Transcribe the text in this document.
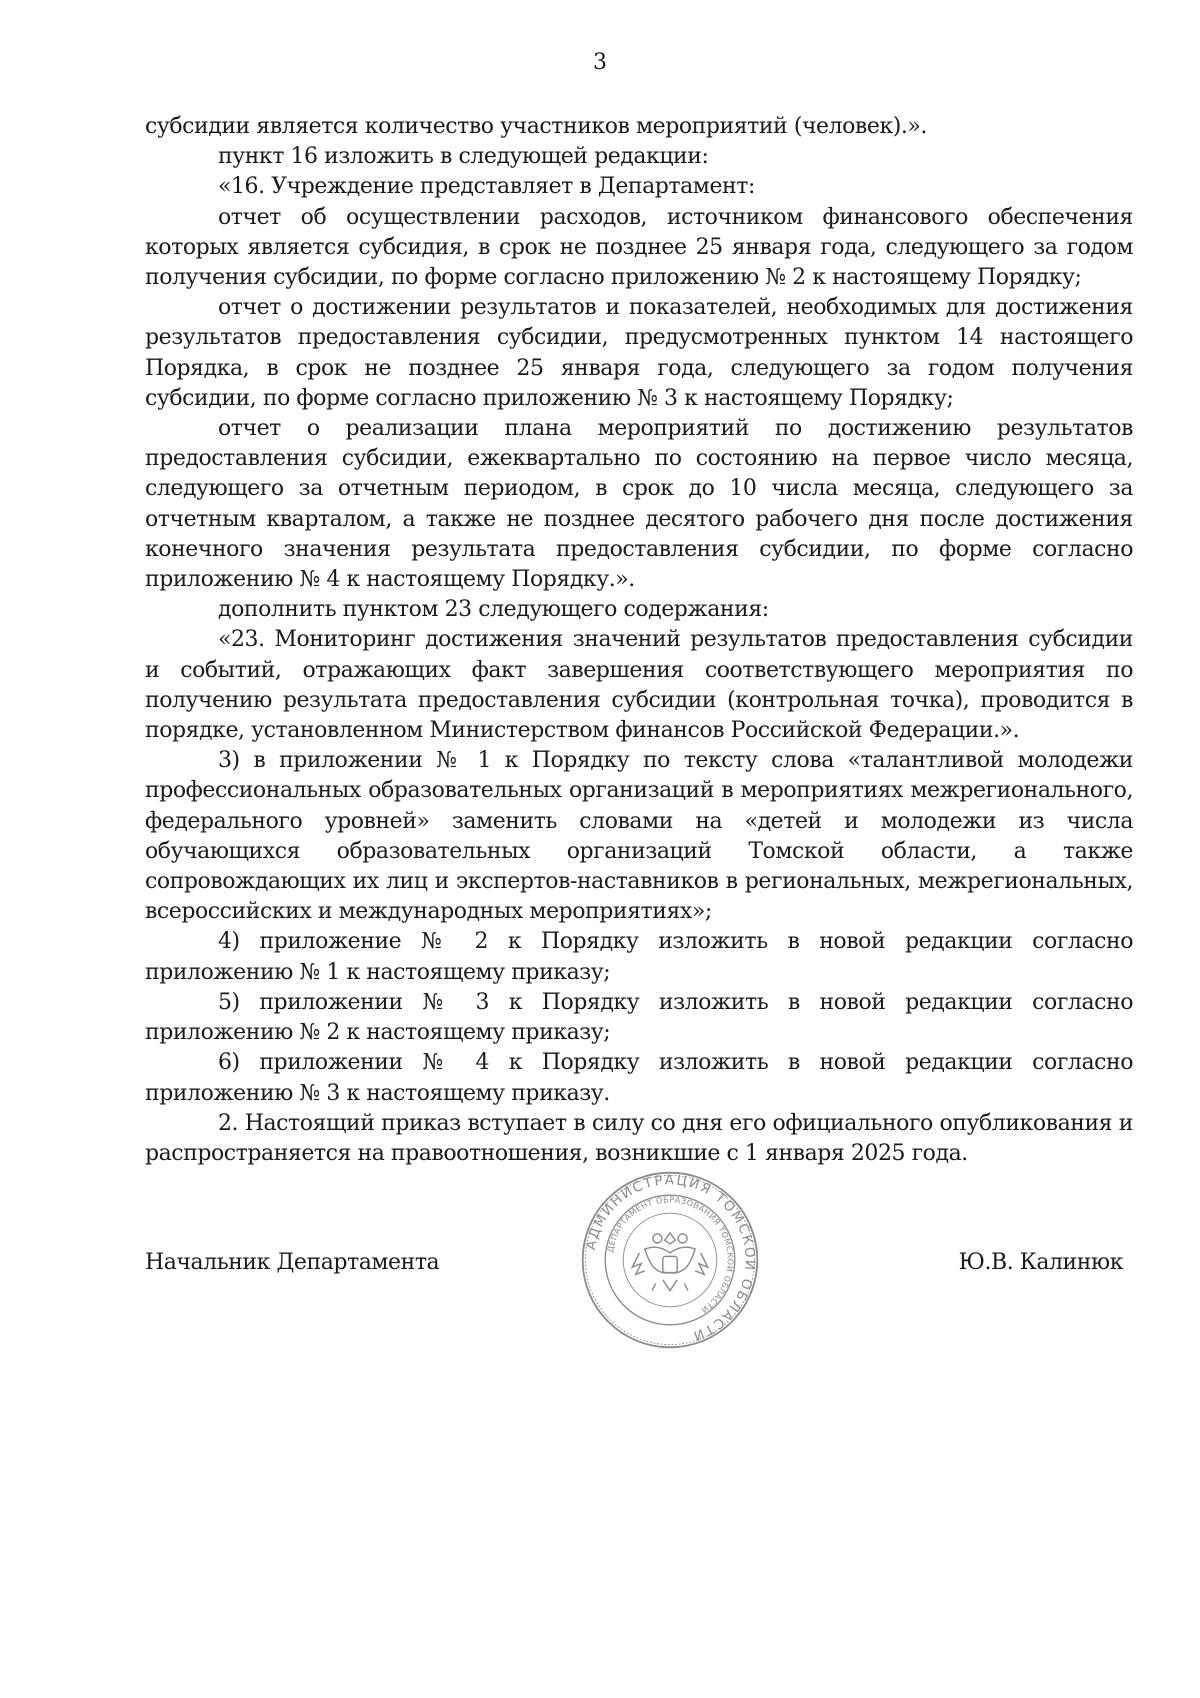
3

субсидии является количество участников мероприятий (человек).».

пункт 16 изложить в следующей редакции:

«16. Учреждение представляет в Департамент:

отчет об осуществлении расходов, источником финансового обеспечения которых является субсидия, в срок не позднее 25 января года, следующего за годом получения субсидии, по форме согласно приложению № 2 к настоящему Порядку;

отчет о достижении результатов и показателей, необходимых для достижения результатов предоставления субсидии, предусмотренных пунктом 14 настоящего Порядка, в срок не позднее 25 января года, следующего за годом получения субсидии, по форме согласно приложению № 3 к настоящему Порядку;

отчет о реализации плана мероприятий по достижению результатов предоставления субсидии, ежеквартально по состоянию на первое число месяца, следующего за отчетным периодом, в срок до 10 числа месяца, следующего за отчетным кварталом, а также не позднее десятого рабочего дня после достижения конечного значения результата предоставления субсидии, по форме согласно приложению № 4 к настоящему Порядку.».

дополнить пунктом 23 следующего содержания:

«23. Мониторинг достижения значений результатов предоставления субсидии и событий, отражающих факт завершения соответствующего мероприятия по получению результата предоставления субсидии (контрольная точка), проводится в порядке, установленном Министерством финансов Российской Федерации.».

3) в приложении № 1 к Порядку по тексту слова «талантливой молодежи профессиональных образовательных организаций в мероприятиях межрегионального, федерального уровней» заменить словами на «детей и молодежи из числа обучающихся образовательных организаций Томской области, а также сопровождающих их лиц и экспертов-наставников в региональных, межрегиональных, всероссийских и международных мероприятиях»;

4) приложение № 2 к Порядку изложить в новой редакции согласно приложению № 1 к настоящему приказу;

5) приложении № 3 к Порядку изложить в новой редакции согласно приложению № 2 к настоящему приказу;

6) приложении № 4 к Порядку изложить в новой редакции согласно приложению № 3 к настоящему приказу.

2. Настоящий приказ вступает в силу со дня его официального опубликования и распространяется на правоотношения, возникшие с 1 января 2025 года.

АДМИНИСТРАЦИЯ ТОМСКОЙ ОБЛАСТИ
ДЕПАРТАМЕНТ ОБРАЗОВАНИЯ ТОМСКОЙ ОБЛАСТИ
Начальник Департамента	Ю.В. Калинюк
